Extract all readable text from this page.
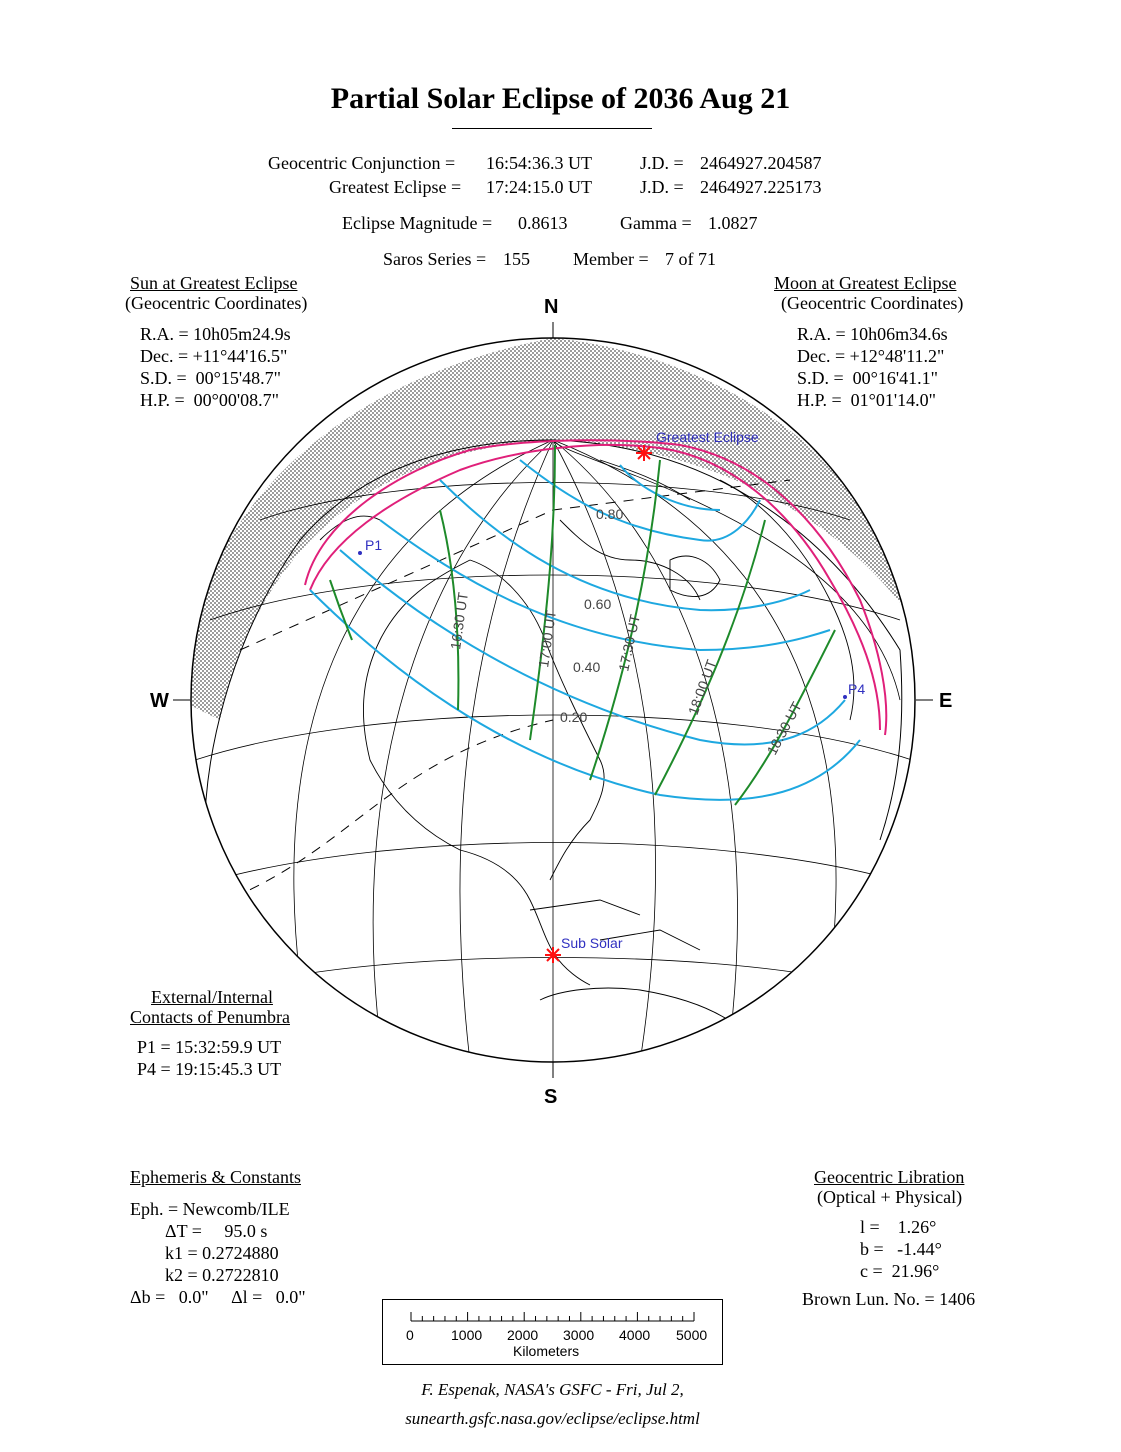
Partial Solar Eclipse of 2036 Aug 21
Geocentric Conjunction = 16:54:36.3 UT	J.D. = 2464927.204587
Greatest Eclipse = 17:24:15.0 UT	J.D. = 2464927.225173
Eclipse Magnitude = 0.8613	Gamma = 1.0827
Saros Series = 155 Member = 7 of 71
Sun at Greatest Eclipse
(Geocentric Coordinates)
R.A. = 10h05m24.9s
Dec. = +11°44'16.5"
S.D. =  00°15'48.7"
H.P. =  00°00'08.7"
Moon at Greatest Eclipse
(Geocentric Coordinates)
R.A. = 10h06m34.6s
Dec. = +12°48'11.2"
S.D. =  00°16'41.1"
H.P. =  01°01'14.0"
N
S
W	E
Greatest Eclipse
Sub Solar
P1
P4
0.80
0.60
0.40
0.20
16:30 UT	17:00 UT	17:30 UT
18:00 UT
18:30 UT
External/Internal
Contacts of Penumbra
P1 = 15:32:59.9 UT
P4 = 19:15:45.3 UT
Ephemeris & Constants
Eph. = Newcomb/ILE
ΔT =     95.0 s
k1 = 0.2724880
k2 = 0.2722810
Δb =   0.0"     Δl =   0.0"
Geocentric Libration
(Optical + Physical)
l =    1.26°
b =   -1.44°
c =  21.96°
Brown Lun. No. = 1406
0	1000 2000 3000 4000 5000
Kilometers
F. Espenak, NASA's GSFC - Fri, Jul 2,
sunearth.gsfc.nasa.gov/eclipse/eclipse.html
